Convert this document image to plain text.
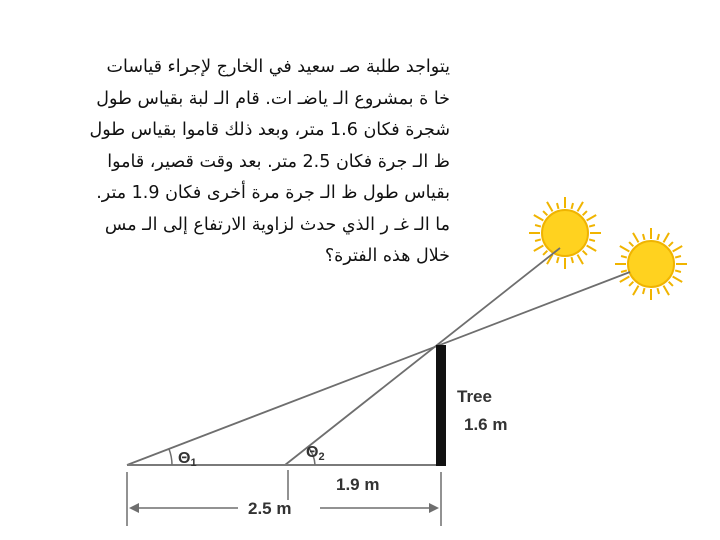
يتواجد طلبة صـ سعيد في الخارج لإجراء قياسات
خا ة بمشروع الـ ياضـ ات. قام الـ لبة بقياس طول
شجرة فكان 1.6 متر، وبعد ذلك قاموا بقياس طول
ظ الـ جرة فكان 2.5 متر. بعد وقت قصير، قاموا
بقياس طول ظ الـ جرة مرة أخرى فكان 1.9 متر.
ما الـ غـ ر الذي حدث لزاوية الارتفاع إلى الـ مس
خلال هذه الفترة؟
Θ1
Θ2
Tree
1.6 m
1.9 m
2.5 m
